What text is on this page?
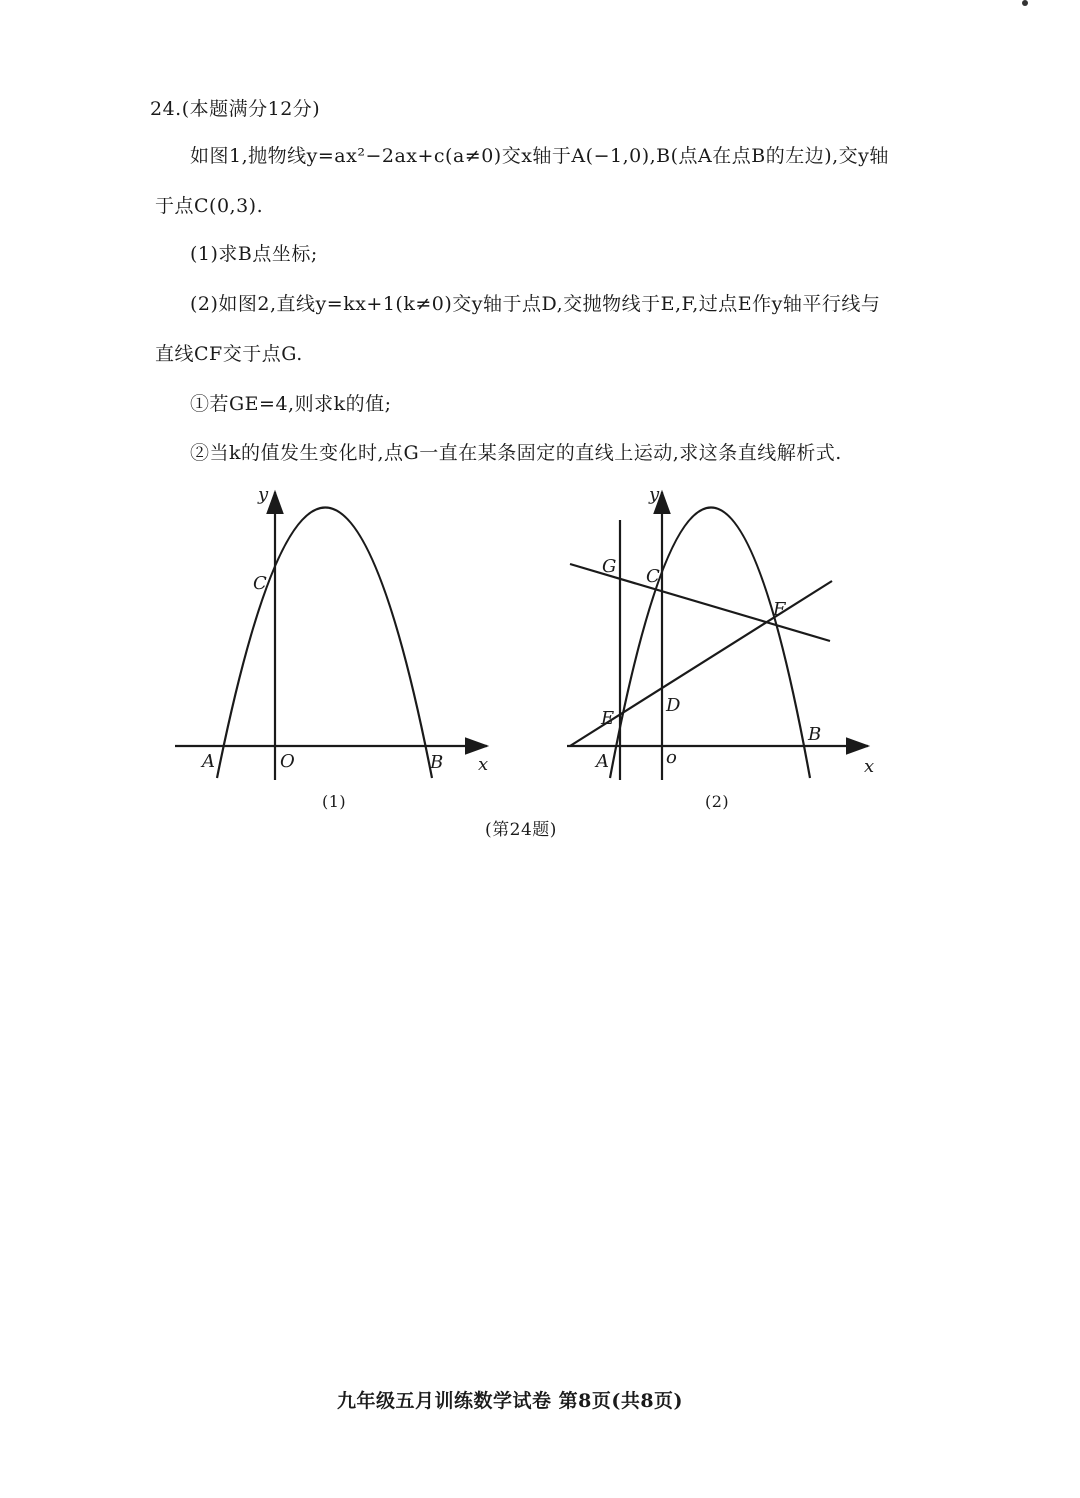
24.(本题满分12分)
如图1,抛物线y=ax²−2ax+c(a≠0)交x轴于A(−1,0),B(点A在点B的左边),交y轴
于点C(0,3).
(1)求B点坐标;
(2)如图2,直线y=kx+1(k≠0)交y轴于点D,交抛物线于E,F,过点E作y轴平行线与
直线CF交于点G.
①若GE=4,则求k的值;
②当k的值发生变化时,点G一直在某条固定的直线上运动,求这条直线解析式.
y
x
A	O	B
C
y
x
A	o
B
C
D
E
F
G
(1)	(2)
(第24题)
九年级五月训练数学试卷 第8页(共8页)
